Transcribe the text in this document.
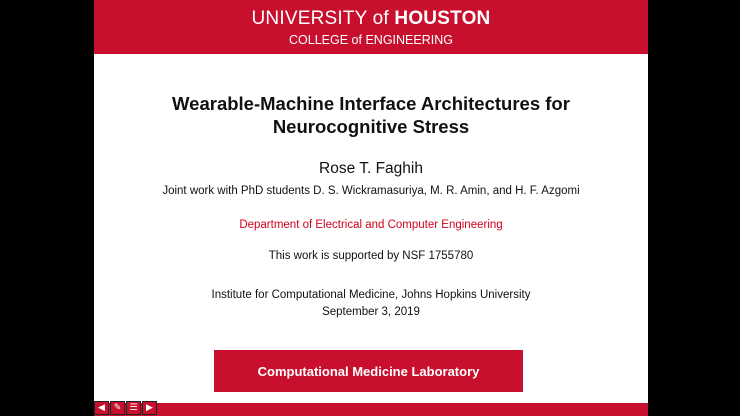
UNIVERSITY of HOUSTON
COLLEGE of ENGINEERING
Wearable-Machine Interface Architectures for
Neurocognitive Stress
Rose T. Faghih
Joint work with PhD students D. S. Wickramasuriya, M. R. Amin, and H. F. Azgomi
Department of Electrical and Computer Engineering
This work is supported by NSF 1755780
Institute for Computational Medicine, Johns Hopkins University
September 3, 2019
Computational Medicine Laboratory
◀ ✎ ☰ ▶
